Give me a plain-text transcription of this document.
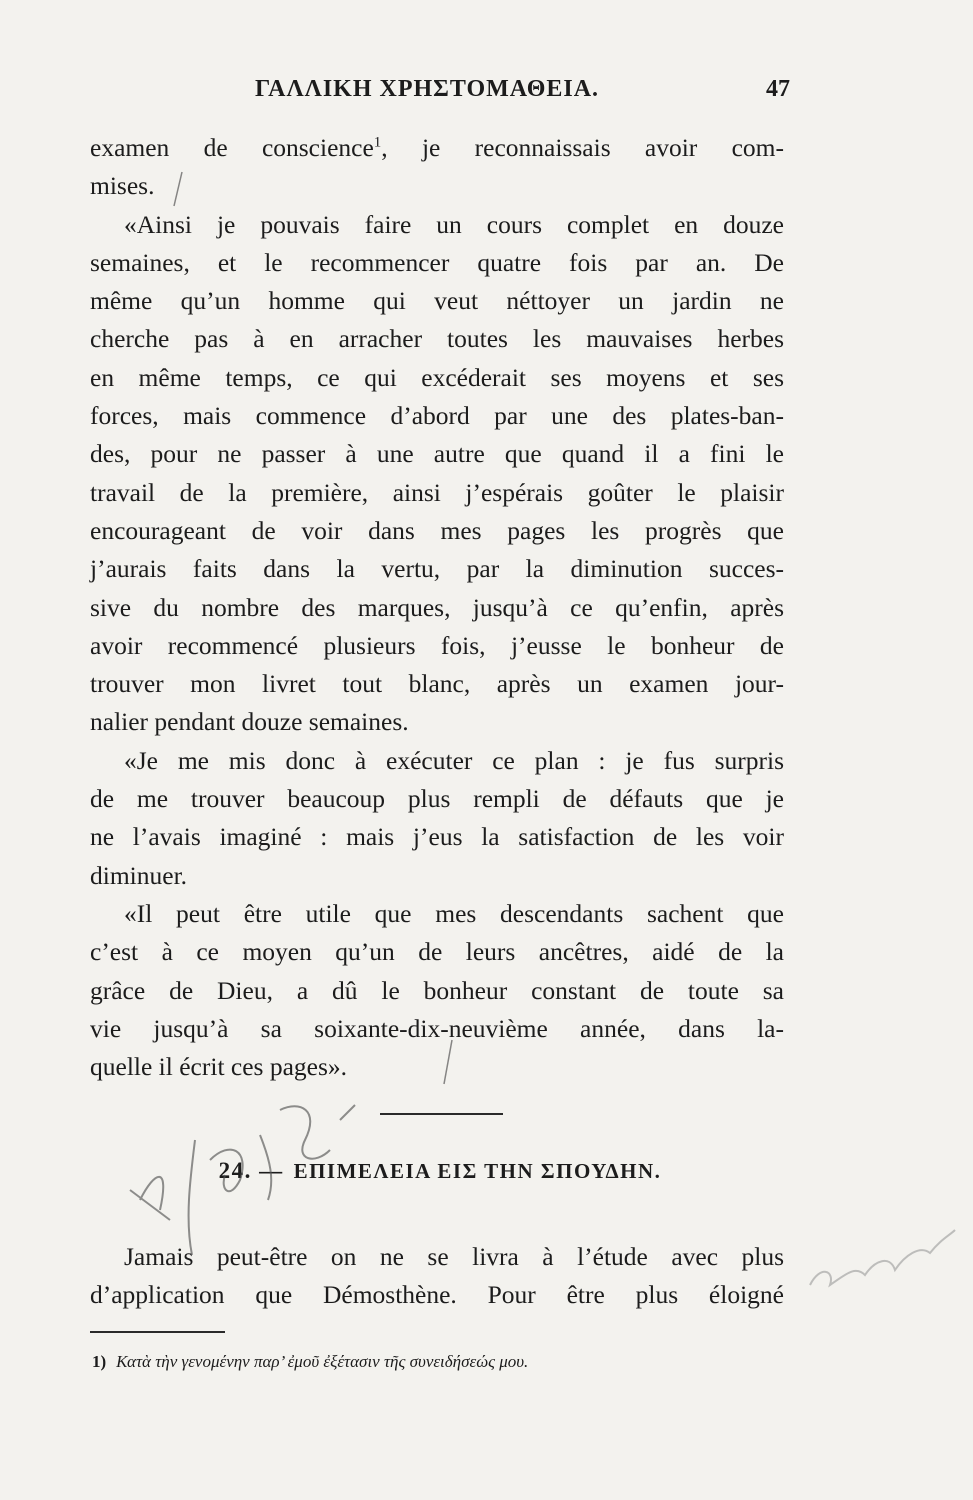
ΓΑΛΛΙΚΗ ΧΡΗΣΤΟΜΑΘΕΙΑ.	47
examen de conscience$^1$, je reconnaissais avoir com-
mises.
«Ainsi je pouvais faire un cours complet en douze
semaines, et le recommencer quatre fois par an. De
même qu’un homme qui veut néttoyer un jardin ne
cherche pas à en arracher toutes les mauvaises herbes
en même temps, ce qui excéderait ses moyens et ses
forces, mais commence d’abord par une des plates-ban-
des, pour ne passer à une autre que quand il a fini le
travail de la première, ainsi j’espérais goûter le plaisir
encourageant de voir dans mes pages les progrès que
j’aurais faits dans la vertu, par la diminution succes-
sive du nombre des marques, jusqu’à ce qu’enfin, après
avoir recommencé plusieurs fois, j’eusse le bonheur de
trouver mon livret tout blanc, après un examen jour-
nalier pendant douze semaines.
«Je me mis donc à exécuter ce plan : je fus surpris
de me trouver beaucoup plus rempli de défauts que je
ne l’avais imaginé : mais j’eus la satisfaction de les voir
diminuer.
«Il peut être utile que mes descendants sachent que
c’est à ce moyen qu’un de leurs ancêtres, aidé de la
grâce de Dieu, a dû le bonheur constant de toute sa
vie jusqu’à sa soixante-dix-neuvième année, dans la-
quelle il écrit ces pages».
24. — ΕΠΙΜΕΛΕΙΑ ΕΙΣ ΤΗΝ ΣΠΟΥΔΗΝ.
Jamais peut-être on ne se livra à l’étude avec plus
d’application que Démosthène. Pour être plus éloigné
1) Κατὰ τὴν γενομένην παρ’ ἐμοῦ ἐξέτασιν τῆς συνειδήσεώς μου.
